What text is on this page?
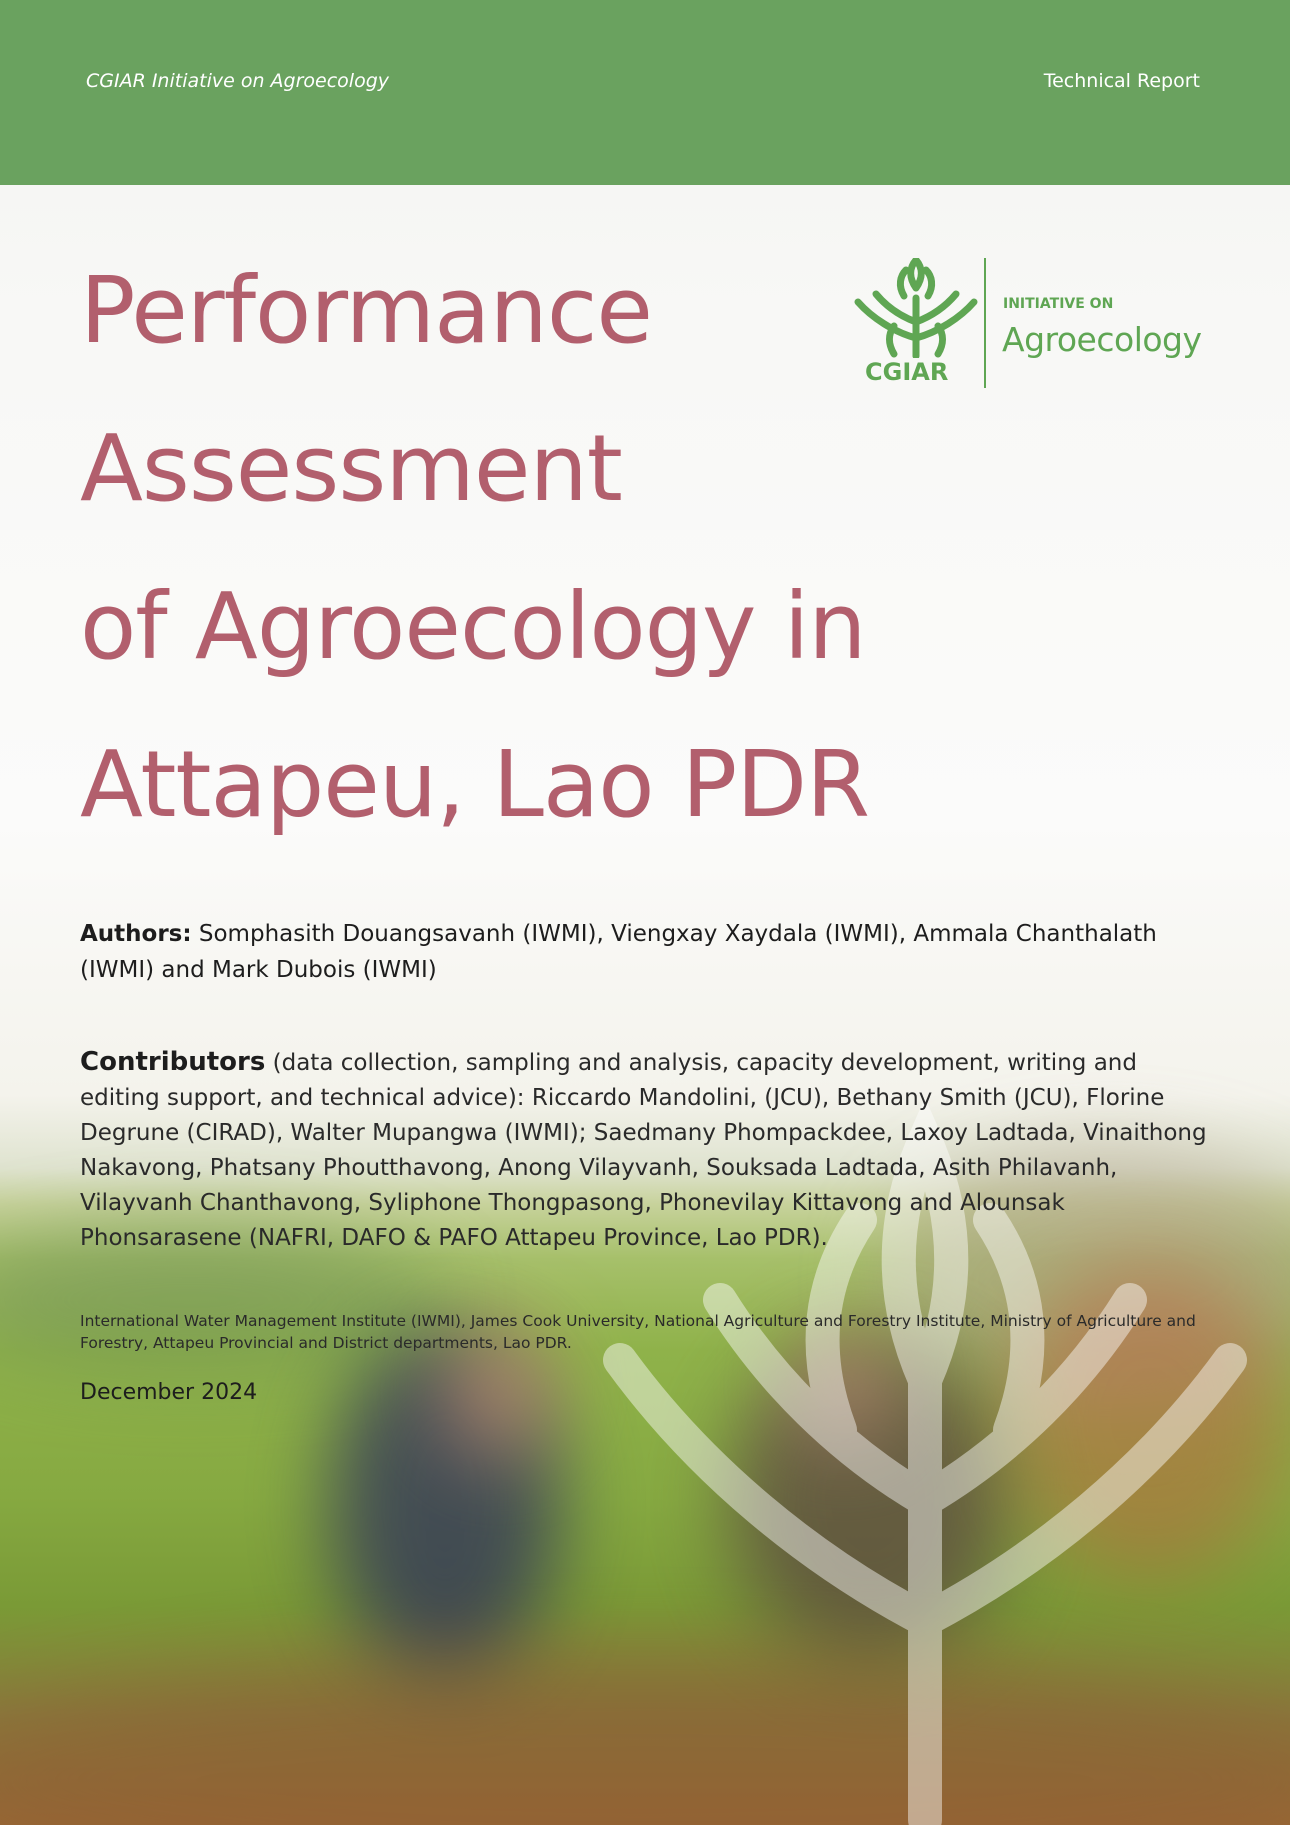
CGIAR Initiative on Agroecology	Technical Report
Performance
Assessment
of Agroecology in
Attapeu, Lao PDR
CGIAR
INITIATIVE ON
Agroecology
Authors: Somphasith Douangsavanh (IWMI), Viengxay Xaydala (IWMI), Ammala Chanthalath (IWMI) and Mark Dubois (IWMI)
Contributors (data collection, sampling and analysis, capacity development, writing and editing support, and technical advice): Riccardo Mandolini, (JCU), Bethany Smith (JCU), Florine Degrune (CIRAD), Walter Mupangwa (IWMI); Saedmany Phompackdee, Laxoy Ladtada, Vinaithong Nakavong, Phatsany Phoutthavong, Anong Vilayvanh, Souksada Ladtada, Asith Philavanh, Vilayvanh Chanthavong, Syliphone Thongpasong, Phonevilay Kittavong and Alounsak Phonsarasene (NAFRI, DAFO & PAFO Attapeu Province, Lao PDR).
International Water Management Institute (IWMI), James Cook University, National Agriculture and Forestry Institute, Ministry of Agriculture and Forestry, Attapeu Provincial and District departments, Lao PDR.
December 2024
